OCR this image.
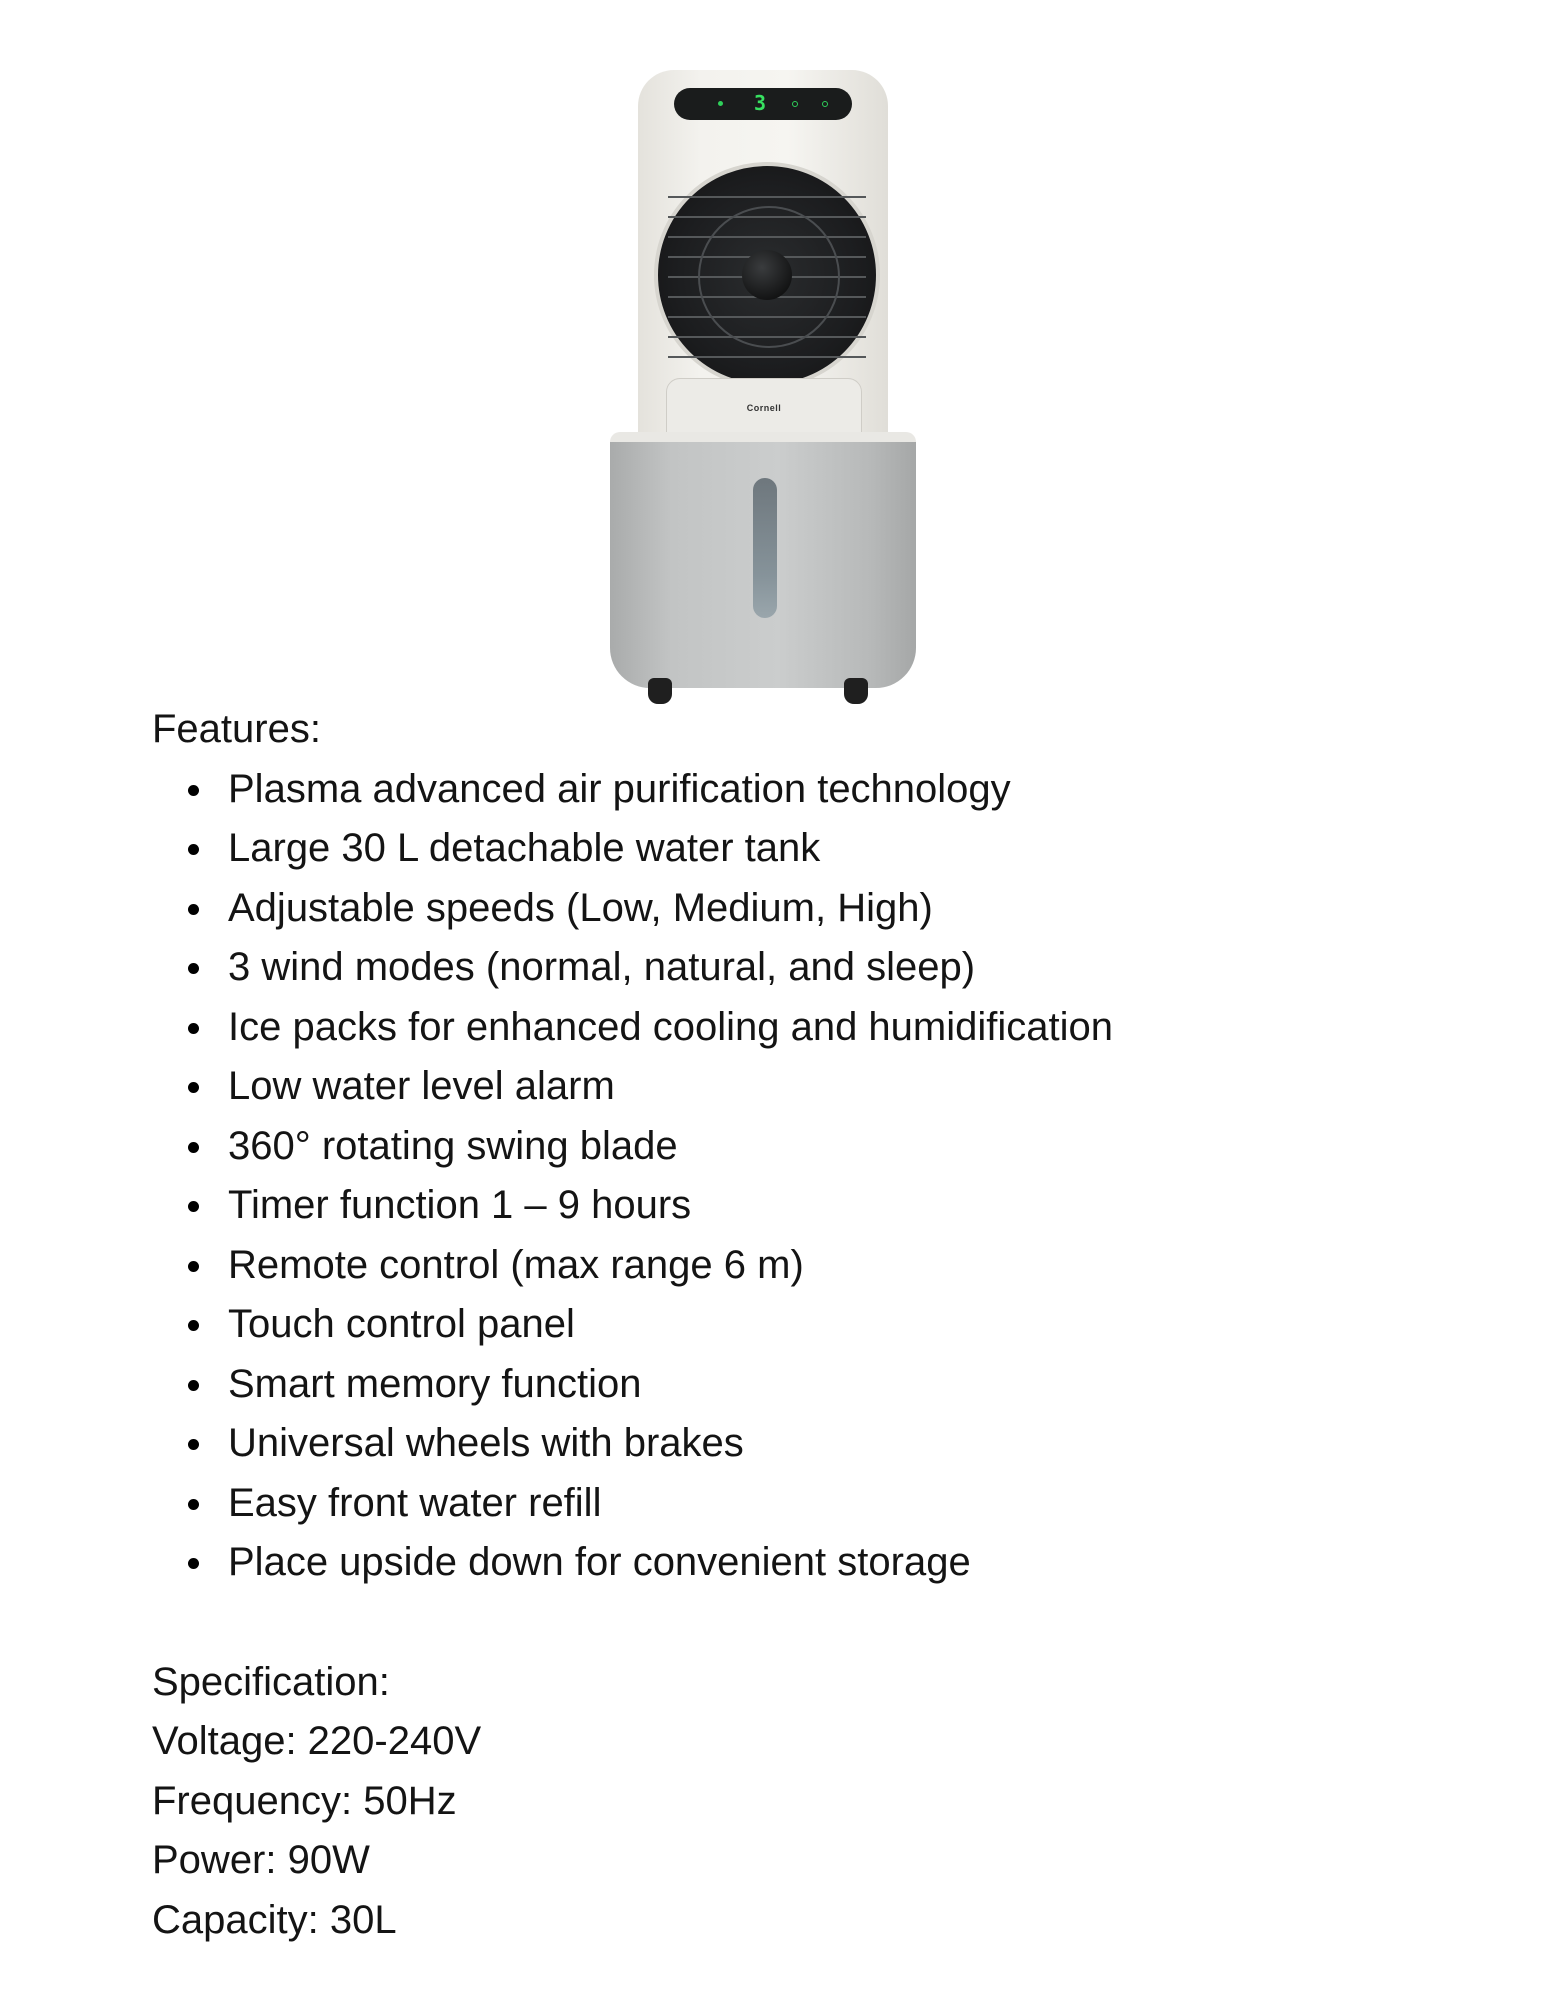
3
Cornell
Features:
Plasma advanced air purification technology
Large 30 L detachable water tank
Adjustable speeds (Low, Medium, High)
3 wind modes (normal, natural, and sleep)
Ice packs for enhanced cooling and humidification
Low water level alarm
360° rotating swing blade
Timer function 1 – 9 hours
Remote control (max range 6 m)
Touch control panel
Smart memory function
Universal wheels with brakes
Easy front water refill
Place upside down for convenient storage
Specification:
Voltage: 220-240V
Frequency: 50Hz
Power: 90W
Capacity: 30L
